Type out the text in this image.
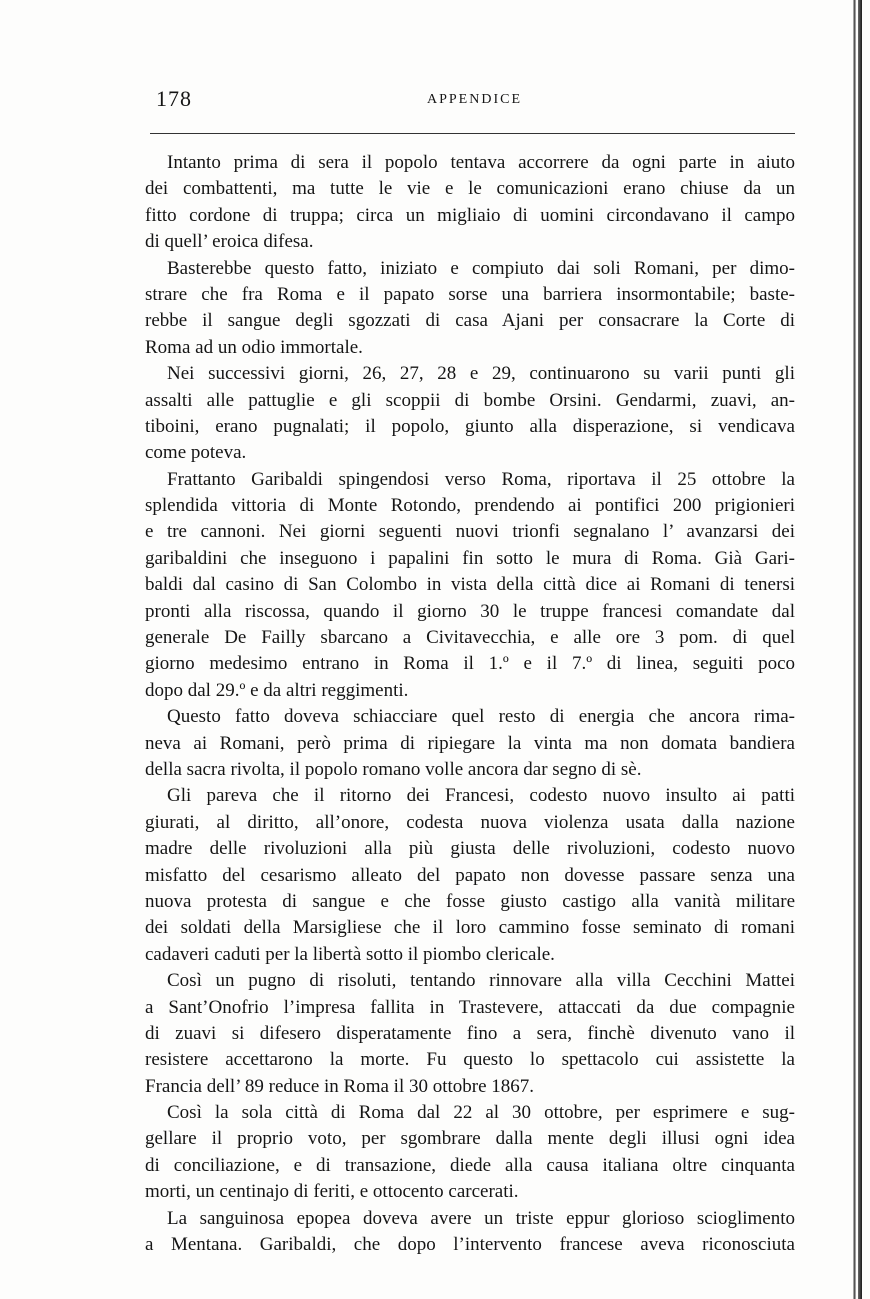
178	APPENDICE
Intanto prima di sera il popolo tentava accorrere da ogni parte in aiuto
dei combattenti, ma tutte le vie e le comunicazioni erano chiuse da un
fitto cordone di truppa; circa un migliaio di uomini circondavano il campo
di quell’ eroica difesa.
Basterebbe questo fatto, iniziato e compiuto dai soli Romani, per dimo-
strare che fra Roma e il papato sorse una barriera insormontabile; baste-
rebbe il sangue degli sgozzati di casa Ajani per consacrare la Corte di
Roma ad un odio immortale.
Nei successivi giorni, 26, 27, 28 e 29, continuarono su varii punti gli
assalti alle pattuglie e gli scoppii di bombe Orsini. Gendarmi, zuavi, an-
tiboini, erano pugnalati; il popolo, giunto alla disperazione, si vendicava
come poteva.
Frattanto Garibaldi spingendosi verso Roma, riportava il 25 ottobre la
splendida vittoria di Monte Rotondo, prendendo ai pontifici 200 prigionieri
e tre cannoni. Nei giorni seguenti nuovi trionfi segnalano l’ avanzarsi dei
garibaldini che inseguono i papalini fin sotto le mura di Roma. Già Gari-
baldi dal casino di San Colombo in vista della città dice ai Romani di tenersi
pronti alla riscossa, quando il giorno 30 le truppe francesi comandate dal
generale De Failly sbarcano a Civitavecchia, e alle ore 3 pom. di quel
giorno medesimo entrano in Roma il 1.º e il 7.º di linea, seguiti poco
dopo dal 29.º e da altri reggimenti.
Questo fatto doveva schiacciare quel resto di energia che ancora rima-
neva ai Romani, però prima di ripiegare la vinta ma non domata bandiera
della sacra rivolta, il popolo romano volle ancora dar segno di sè.
Gli pareva che il ritorno dei Francesi, codesto nuovo insulto ai patti
giurati, al diritto, all’onore, codesta nuova violenza usata dalla nazione
madre delle rivoluzioni alla più giusta delle rivoluzioni, codesto nuovo
misfatto del cesarismo alleato del papato non dovesse passare senza una
nuova protesta di sangue e che fosse giusto castigo alla vanità militare
dei soldati della Marsigliese che il loro cammino fosse seminato di romani
cadaveri caduti per la libertà sotto il piombo clericale.
Così un pugno di risoluti, tentando rinnovare alla villa Cecchini Mattei
a Sant’Onofrio l’impresa fallita in Trastevere, attaccati da due compagnie
di zuavi si difesero disperatamente fino a sera, finchè divenuto vano il
resistere accettarono la morte. Fu questo lo spettacolo cui assistette la
Francia dell’ 89 reduce in Roma il 30 ottobre 1867.
Così la sola città di Roma dal 22 al 30 ottobre, per esprimere e sug-
gellare il proprio voto, per sgombrare dalla mente degli illusi ogni idea
di conciliazione, e di transazione, diede alla causa italiana oltre cinquanta
morti, un centinajo di feriti, e ottocento carcerati.
La sanguinosa epopea doveva avere un triste eppur glorioso scioglimento
a Mentana. Garibaldi, che dopo l’intervento francese aveva riconosciuta
